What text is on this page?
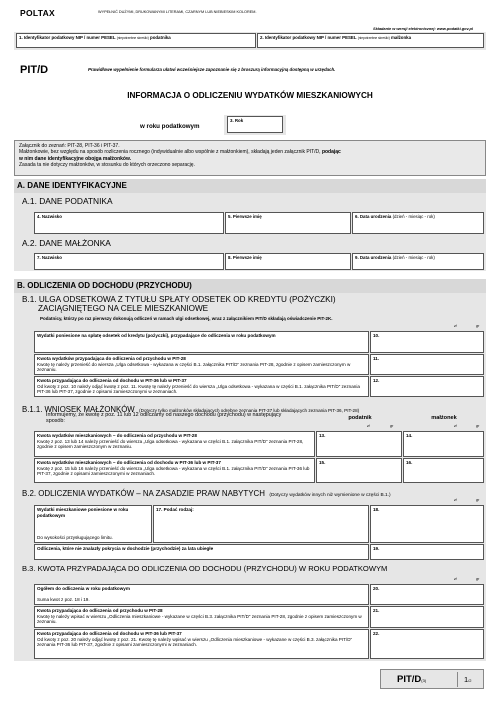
POLTAX	WYPEŁNIĆ DUŻYMI, DRUKOWANYMI LITERAMI, CZARNYM LUB NIEBIESKIM KOLOREM.
Składanie w wersji elektronicznej: www.podatki.gov.pl
1. Identyfikator podatkowy NIP / numer PESEL (niepotrzebne skreślić) podatnika	2. Identyfikator podatkowy NIP / numer PESEL (niepotrzebne skreślić) małżonka
PIT/D	Prawidłowe wypełnienie formularza ułatwi wcześniejsze zapoznanie się z broszurą informacyjną dostępną w urzędach.
INFORMACJA O ODLICZENIU WYDATKÓW MIESZKANIOWYCH
w roku podatkowym
3. Rok
Załącznik do zeznań: PIT-28, PIT-36 i PIT-37.
Małżonkowie, bez względu na sposób rozliczenia rocznego (indywidualnie albo wspólnie z małżonkiem), składają jeden załącznik PIT/D, podając
w nim dane identyfikacyjne obojga małżonków.
Zasada ta nie dotyczy małżonków, w stosunku do których orzeczono separację.
A. DANE IDENTYFIKACYJNE
A.1. DANE PODATNIKA
4. Nazwisko	5. Pierwsze imię	6. Data urodzenia (dzień - miesiąc - rok)
A.2. DANE MAŁŻONKA
7. Nazwisko	8. Pierwsze imię	9. Data urodzenia (dzień - miesiąc - rok)
B. ODLICZENIA OD DOCHODU (PRZYCHODU)
B.1. ULGA ODSETKOWA Z TYTUŁU SPŁATY ODSETEK OD KREDYTU (POŻYCZKI)
ZACIĄGNIĘTEGO NA CELE MIESZKANIOWE
Podatnicy, którzy po raz pierwszy dokonują odliczeń w ramach ulgi odsetkowej, wraz z załącznikiem PIT/D składają oświadczenie PIT-2K.
zł	gr
Wydatki poniesione na spłatę odsetek od kredytu (pożyczki), przypadające do odliczenia w roku podatkowym	10.
Kwota wydatków przypadająca do odliczenia od przychodu w PIT-28
Kwotę tę należy przenieść do wiersza „Ulga odsetkowa - wykazana w części B.1. załącznika PIT/D” zeznania PIT-28, zgodnie z opisem zamieszczonym w zeznaniu.
11.
Kwota przypadająca do odliczenia od dochodu w PIT-36 lub w PIT-37
Od kwoty z poz. 10 należy odjąć kwotę z poz. 11. Kwotę tę należy przenieść do wiersza „Ulga odsetkowa - wykazana w części B.1. załącznika PIT/D” zeznania PIT-36 lub PIT-37, zgodnie z opisami zamieszczonymi w zeznaniach.
12.
B.1.1. WNIOSEK MAŁŻONKÓW (Dotyczy tylko małżonków składających odrębne zeznania PIT-37 lub składających zeznania PIT-36, PIT-28)
Informujemy, że kwotę z poz. 11 lub 12 odliczamy od naszego dochodu (przychodu) w następujący sposób:
podatnik	małżonek
zł	gr	zł	gr
Kwota wydatków mieszkaniowych − do odliczenia od przychodu w PIT-28
Kwotę z poz. 13 lub 14 należy przenieść do wiersza „Ulga odsetkowa - wykazana w części B.1. załącznika PIT/D” zeznania PIT-28, zgodnie z opisem zamieszczonym w zeznaniu.
13.	14.
Kwota wydatków mieszkaniowych − do odliczenia od dochodu w PIT-36 lub w PIT-37
Kwotę z poz. 15 lub 16 należy przenieść do wiersza „Ulga odsetkowa - wykazana w części B.1. załącznika PIT/D” zeznania PIT-36 lub PIT-37, zgodnie z opisami zamieszczonymi w zeznaniach.
15.	16.
B.2. ODLICZENIA WYDATKÓW – NA ZASADZIE PRAW NABYTYCH (Dotyczy wydatków innych niż wymienione w części B.1.)
zł	gr
Wydatki mieszkaniowe poniesione w roku podatkowym
Do wysokości przysługującego limitu.
17. Podać rodzaj:	18.
Odliczenia, które nie znalazły pokrycia w dochodzie (przychodzie) za lata ubiegłe	19.
B.3. KWOTA PRZYPADAJĄCA DO ODLICZENIA OD DOCHODU (PRZYCHODU) W ROKU PODATKOWYM
zł	gr
Ogółem do odliczenia w roku podatkowym
Suma kwot z poz. 18 i 19.
20.
Kwota przypadająca do odliczenia od przychodu w PIT-28
Kwotę tę należy wpisać w wierszu „Odliczenia mieszkaniowe - wykazane w części B.3. załącznika PIT/D” zeznania PIT-28, zgodnie z opisem zamieszczonym w zeznaniu.
21.
Kwota przypadająca do odliczenia od dochodu w PIT-36 lub PIT-37
Od kwoty z poz. 20 należy odjąć kwotę z poz. 21. Kwotę tę należy wpisać w wierszu „Odliczenia mieszkaniowe - wykazane w części B.3. załącznika PIT/D” zeznania PIT-36 lub PIT-37, zgodnie z opisami zamieszczonymi w zeznaniach.
22.
PIT/D(3)	1/2
